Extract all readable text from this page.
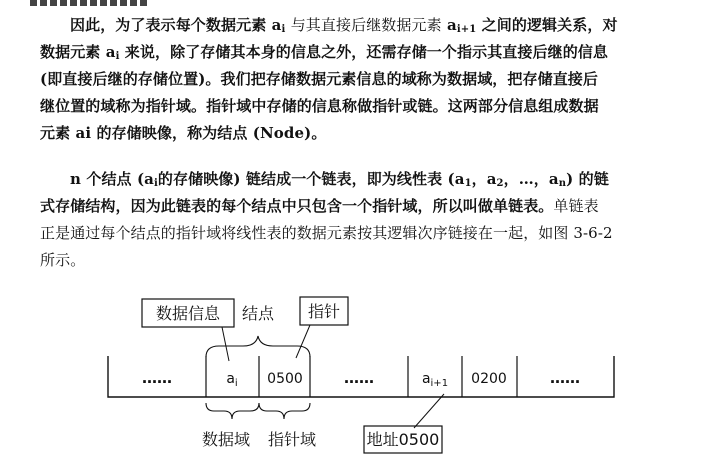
因此，为了表示每个数据元素 $a_i$ 与其直接后继数据元素 $a_{i+1}$ 之间的逻辑关系，对
数据元素 $a_i$ 来说，除了存储其本身的信息之外，还需存储一个指示其直接后继的信息
(即直接后继的存储位置)。我们把存储数据元素信息的域称为数据域，把存储直接后
继位置的域称为指针域。指针域中存储的信息称做指针或链。这两部分信息组成数据
元素 ai 的存储映像，称为结点 (Node)。
n 个结点 ($a_i$的存储映像) 链结成一个链表，即为线性表 ($a_1$，$a_2$，…，$a_n$) 的链
式存储结构，因为此链表的每个结点中只包含一个指针域，所以叫做单链表。单链表
正是通过每个结点的指针域将线性表的数据元素按其逻辑次序链接在一起，如图 3-6-2
所示。
数据信息 结点 指针
……	$a_i$ 0500	……	$a_{i+1}$ 0200	……
数据域 指针域	地址0500
